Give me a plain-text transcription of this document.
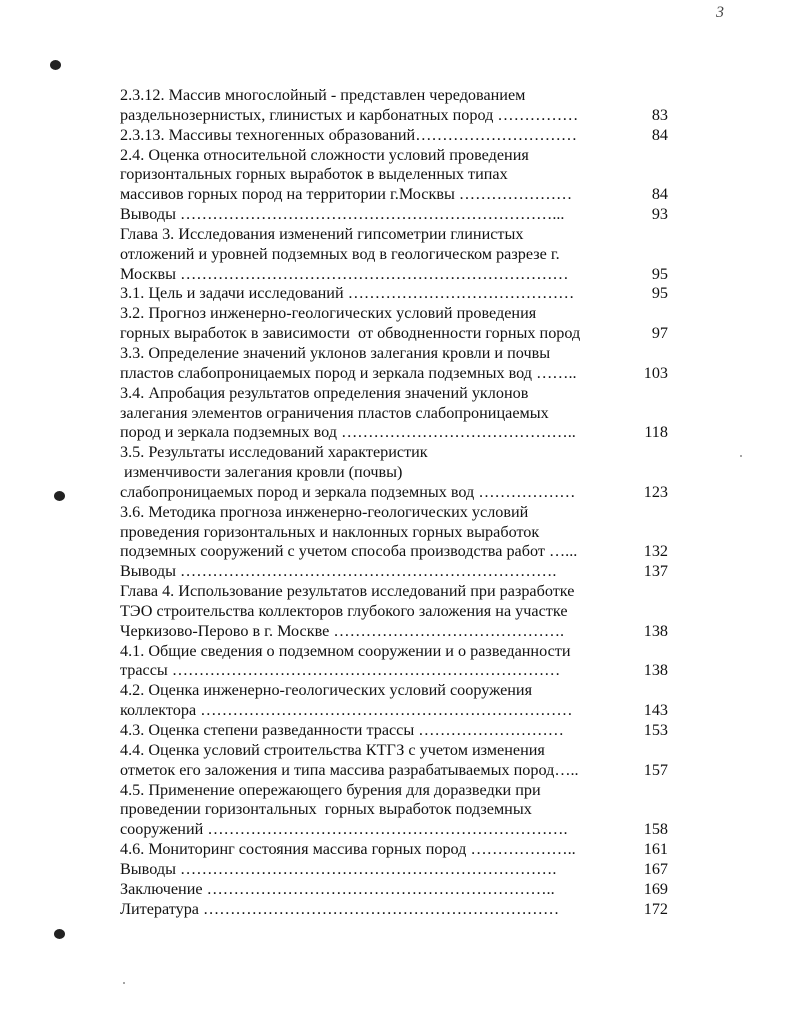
3
2.3.12. Массив многослойный - представлен чередованием
раздельнозернистых, глинистых и карбонатных пород ……………	83
2.3.13. Массивы техногенных образований …………………………	84
2.4. Оценка относительной сложности условий проведения
горизонтальных горных выработок в выделенных типах
массивов горных пород на территории г.Москвы …………………	84
Выводы ……………………………………………………………...	93
Глава 3. Исследования изменений гипсометрии глинистых
отложений и уровней подземных вод в геологическом разрезе г.
Москвы ………………………………………………………………	95
3.1. Цель и задачи исследований ……………………………………	95
3.2. Прогноз инженерно-геологических условий проведения
горных выработок в зависимости  от обводненности горных пород	97
3.3. Определение значений уклонов залегания кровли и почвы
пластов слабопроницаемых пород и зеркала подземных вод ……..	103
3.4. Апробация результатов определения значений уклонов
залегания элементов ограничения пластов слабопроницаемых
пород и зеркала подземных вод ……………………………………..	118
3.5. Результаты исследований характеристик
изменчивости залегания кровли (почвы)
слабопроницаемых пород и зеркала подземных вод ………………	123
3.6. Методика прогноза инженерно-геологических условий
проведения горизонтальных и наклонных горных выработок
подземных сооружений с учетом способа производства работ …...	132
Выводы …………………………………………………………….	137
Глава 4. Использование результатов исследований при разработке
ТЭО строительства коллекторов глубокого заложения на участке
Черкизово-Перово в г. Москве …………………………………….	138
4.1. Общие сведения о подземном сооружении и о разведанности
трассы ………………………………………………………………	138
4.2. Оценка инженерно-геологических условий сооружения
коллектора ……………………………………………………………	143
4.3. Оценка степени разведанности трассы ………………………	153
4.4. Оценка условий строительства КТГЗ с учетом изменения
отметок его заложения и типа массива разрабатываемых пород …..	157
4.5. Применение опережающего бурения для доразведки при
проведении горизонтальных  горных выработок подземных
сооружений ………………………………………………………….	158
4.6. Мониторинг состояния массива горных пород ………………..	161
Выводы …………………………………………………………….	167
Заключение ………………………………………………………..	169
Литература …………………………………………………………	172
